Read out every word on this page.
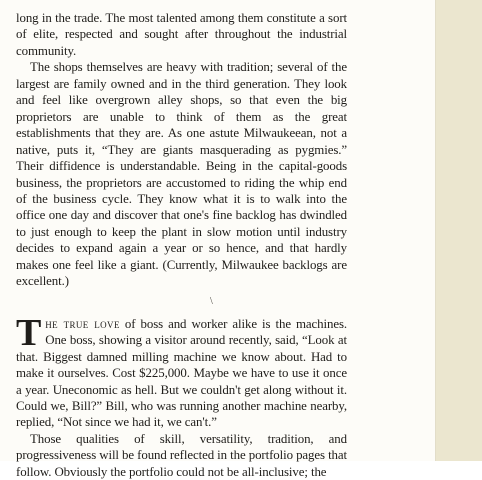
long in the trade. The most talented among them constitute a sort of elite, respected and sought after throughout the industrial community.

The shops themselves are heavy with tradition; several of the largest are family owned and in the third generation. They look and feel like overgrown alley shops, so that even the big proprietors are unable to think of them as the great establishments that they are. As one astute Milwaukeean, not a native, puts it, “They are giants masquerading as pygmies.” Their diffidence is understandable. Being in the capital-goods business, the proprietors are accustomed to riding the whip end of the business cycle. They know what it is to walk into the office one day and discover that one's fine backlog has dwindled to just enough to keep the plant in slow motion until industry decides to expand again a year or so hence, and that hardly makes one feel like a giant. (Currently, Milwaukee backlogs are excellent.)

\

The true love of boss and worker alike is the machines. One boss, showing a visitor around recently, said, “Look at that. Biggest damned milling machine we know about. Had to make it ourselves. Cost $225,000. Maybe we have to use it once a year. Uneconomic as hell. But we couldn't get along without it. Could we, Bill?” Bill, who was running another machine nearby, replied, “Not since we had it, we can't.”

Those qualities of skill, versatility, tradition, and progressiveness will be found reflected in the portfolio pages that follow. Obviously the portfolio could not be all-inclusive; the
